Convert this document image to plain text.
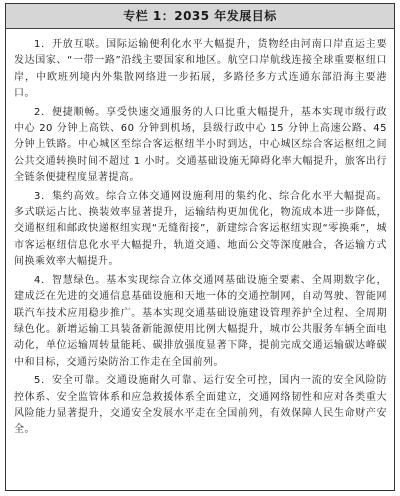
专栏 1：2035 年发展目标

1．开放互联。国际运输便利化水平大幅提升，货物经由河南口岸直运主要发达国家、“一带一路”沿线主要国家和地区。航空口岸航线连接全球重要枢纽口岸，中欧班列境内外集散网络进一步拓展，多路径多方式连通东部沿海主要港口。

2．便捷顺畅。享受快速交通服务的人口比重大幅提升，基本实现市级行政中心 20 分钟上高铁、60 分钟到机场，县级行政中心 15 分钟上高速公路、45 分钟上铁路。中心城区至综合客运枢纽半小时到达，中心城区综合客运枢纽之间公共交通转换时间不超过 1 小时。交通基础设施无障碍化率大幅提升，旅客出行全链条便捷程度显著提高。

3．集约高效。综合立体交通网设施利用的集约化、综合化水平大幅提高。多式联运占比、换装效率显著提升，运输结构更加优化，物流成本进一步降低，交通枢纽和邮政快递枢纽实现“无缝衔接”，新建综合客运枢纽实现“零换乘”，城市客运枢纽信息化水平大幅提升，轨道交通、地面公交等深度融合，各运输方式间换乘效率大幅提升。

4．智慧绿色。基本实现综合立体交通网基础设施全要素、全周期数字化，建成泛在先进的交通信息基础设施和天地一体的交通控制网，自动驾驶、智能网联汽车技术应用稳步推广。基本实现交通基础设施建设管理养护全过程、全周期绿色化。新增运输工具装备新能源使用比例大幅提升，城市公共服务车辆全面电动化，单位运输周转量能耗、碳排放强度显著下降，提前完成交通运输碳达峰碳中和目标，交通污染防治工作走在全国前列。

5．安全可靠。交通设施耐久可靠、运行安全可控，国内一流的安全风险防控体系、安全监管体系和应急救援体系全面建立，交通网络韧性和应对各类重大风险能力显著提升，交通安全发展水平走在全国前列，有效保障人民生命财产安全。
